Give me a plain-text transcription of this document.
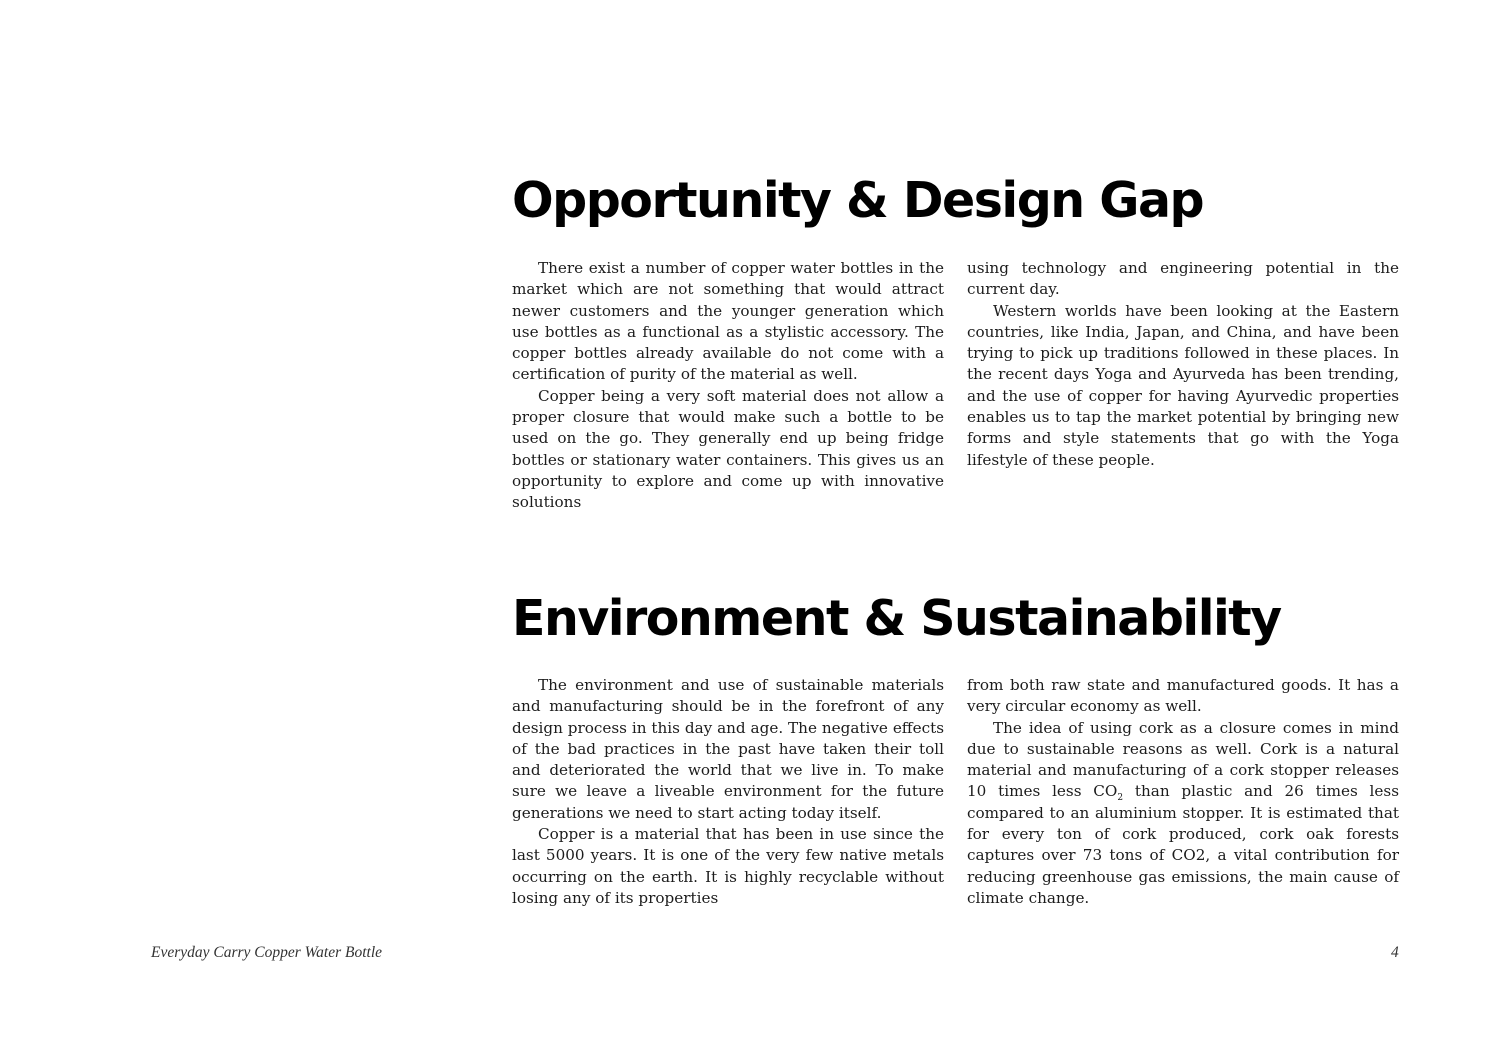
Opportunity & Design Gap

There exist a number of copper water bottles in the market which are not something that would attract newer customers and the younger generation which use bottles as a functional as a stylistic accessory. The copper bottles already available do not come with a certification of purity of the material as well.

Copper being a very soft material does not allow a proper closure that would make such a bottle to be used on the go. They generally end up being fridge bottles or stationary water containers. This gives us an opportunity to explore and come up with innovative solutions

using technology and engineering potential in the current day.

Western worlds have been looking at the Eastern countries, like India, Japan, and China, and have been trying to pick up traditions followed in these places. In the recent days Yoga and Ayurveda has been trending, and the use of copper for having Ayurvedic properties enables us to tap the market potential by bringing new forms and style statements that go with the Yoga lifestyle of these people.

Environment & Sustainability

The environment and use of sustainable materials and manufacturing should be in the forefront of any design process in this day and age. The negative effects of the bad practices in the past have taken their toll and deteriorated the world that we live in. To make sure we leave a liveable environment for the future generations we need to start acting today itself.

Copper is a material that has been in use since the last 5000 years. It is one of the very few native metals occurring on the earth. It is highly recyclable without losing any of its properties

from both raw state and manufactured goods. It has a very circular economy as well.

The idea of using cork as a closure comes in mind due to sustainable reasons as well. Cork is a natural material and manufacturing of a cork stopper releases 10 times less $CO_2$ than plastic and 26 times less compared to an aluminium stopper. It is estimated that for every ton of cork produced, cork oak forests captures over 73 tons of CO2, a vital contribution for reducing greenhouse gas emissions, the main cause of climate change.

Everyday Carry Copper Water Bottle	4
